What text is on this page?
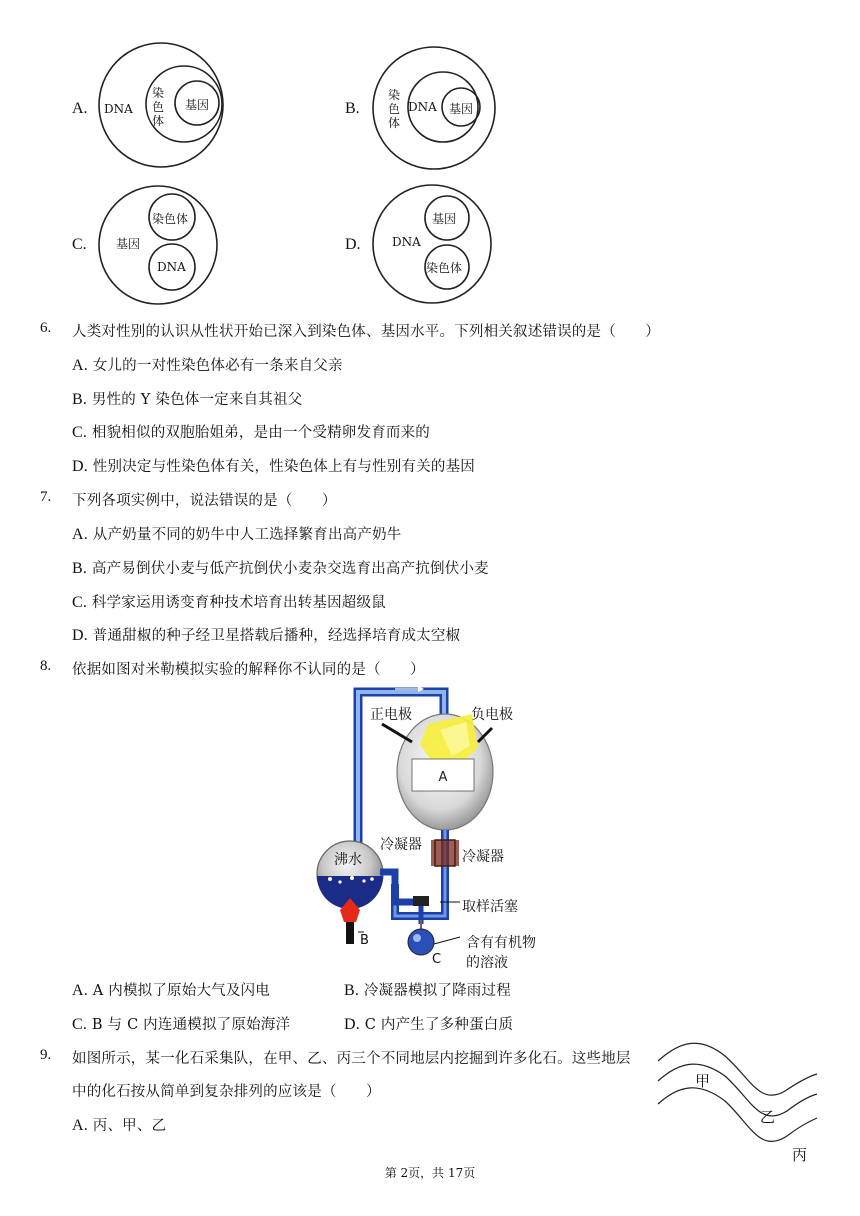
A. DNA
染色体
基因	B.
染色体
DNA 基因
C. 基因
染色体
DNA
D.	DNA
基因
染色体
6. 人类对性别的认识从性状开始已深入到染色体、基因水平。下列相关叙述错误的是（　　）
A. 女儿的一对性染色体必有一条来自父亲
B. 男性的 Y 染色体一定来自其祖父
C. 相貌相似的双胞胎姐弟，是由一个受精卵发育而来的
D. 性别决定与性染色体有关，性染色体上有与性别有关的基因
7. 下列各项实例中，说法错误的是（　　）
A. 从产奶量不同的奶牛中人工选择繁育出高产奶牛
B. 高产易倒伏小麦与低产抗倒伏小麦杂交选育出高产抗倒伏小麦
C. 科学家运用诱变育种技术培育出转基因超级鼠
D. 普通甜椒的种子经卫星搭载后播种，经选择培育成太空椒
8. 依据如图对米勒模拟实验的解释你不认同的是（　　）
A
正电极	负电极
冷凝器
冷凝器
沸水
取样活塞
B
C
含有有机物
的溶液
A. A 内模拟了原始大气及闪电	B. 冷凝器模拟了降雨过程
C. B 与 C 内连通模拟了原始海洋	D. C 内产生了多种蛋白质
9. 如图所示，某一化石采集队，在甲、乙、丙三个不同地层内挖掘到许多化石。这些地层
中的化石按从简单到复杂排列的应该是（　　）
A. 丙、甲、乙
甲
乙
丙
第 2页，共 17页
